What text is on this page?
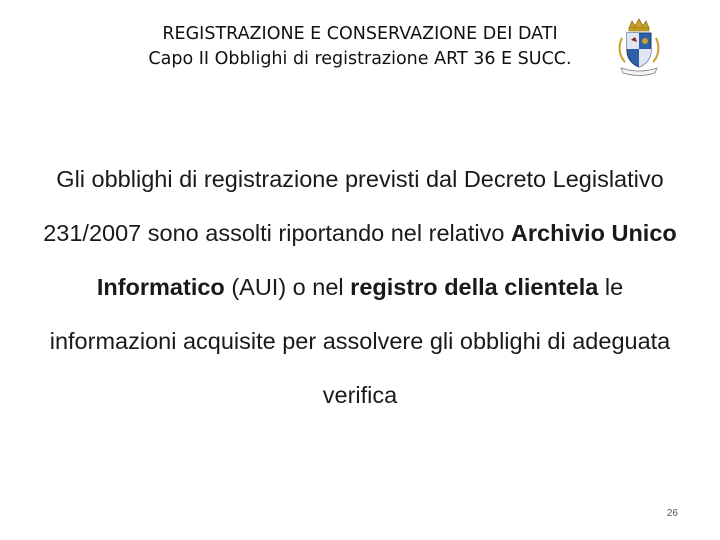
REGISTRAZIONE E CONSERVAZIONE DEI DATI
Capo II Obblighi di registrazione ART 36 E SUCC.
Gli obblighi di registrazione previsti dal Decreto Legislativo 231/2007 sono assolti riportando nel relativo Archivio Unico Informatico (AUI) o nel registro della clientela le informazioni acquisite per assolvere gli obblighi di adeguata verifica
26
